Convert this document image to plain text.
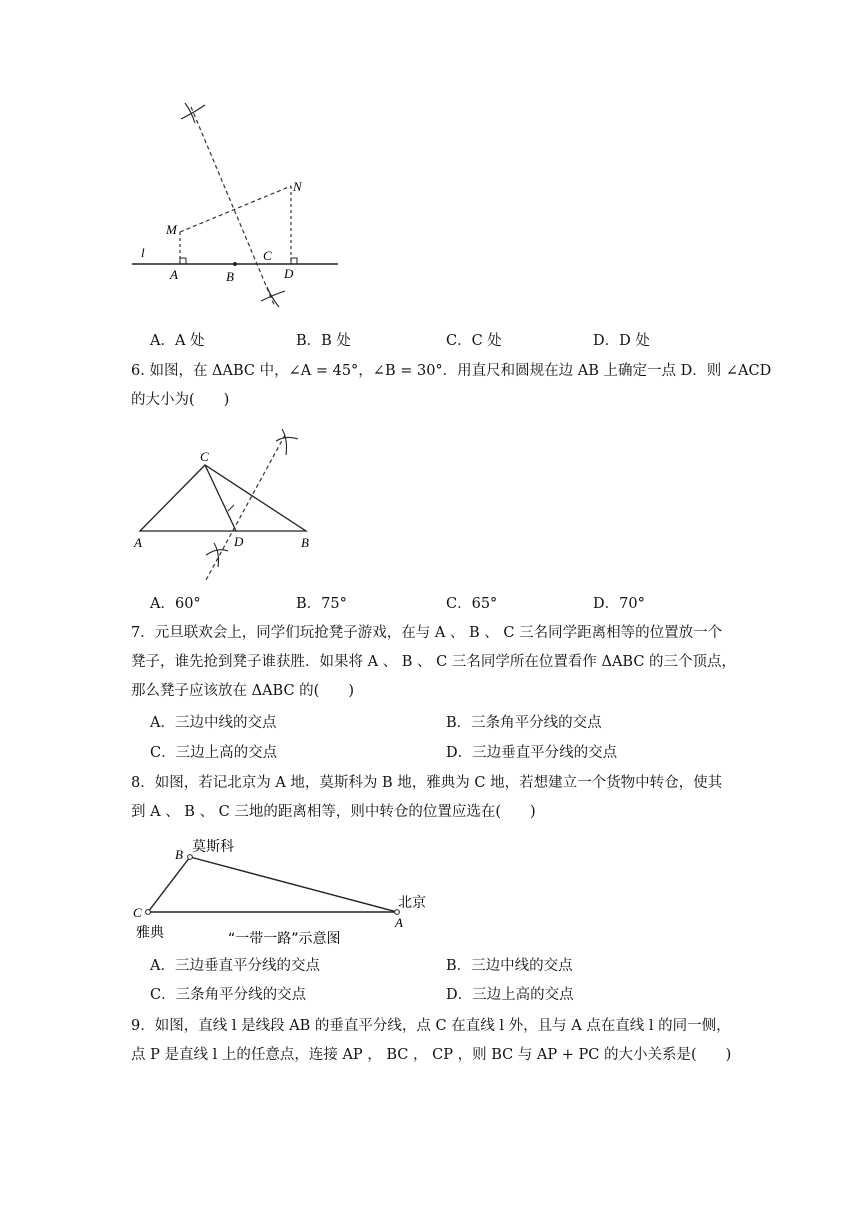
M
N
l
A	B
C
D
A．A 处	B．B 处	C．C 处	D．D 处
6. 如图，在 ΔABC 中，∠A = 45°，∠B = 30°．用直尺和圆规在边 AB 上确定一点 D．则 ∠ACD
的大小为(　　)
C
A	B
D
A．60°	B．75°	C．65°	D．70°
7．元旦联欢会上，同学们玩抢凳子游戏，在与 A 、 B 、 C 三名同学距离相等的位置放一个
凳子，谁先抢到凳子谁获胜．如果将 A 、 B 、 C 三名同学所在位置看作 ΔABC 的三个顶点，
那么凳子应该放在 ΔABC 的(　　)
A．三边中线的交点	B．三条角平分线的交点
C．三边上高的交点	D．三边垂直平分线的交点
8．如图，若记北京为 A 地，莫斯科为 B 地，雅典为 C 地，若想建立一个货物中转仓，使其
到 A 、 B 、 C 三地的距离相等，则中转仓的位置应选在(　　)
B 莫斯科
C
雅典
北京
A
“一带一路”示意图
A．三边垂直平分线的交点	B．三边中线的交点
C．三条角平分线的交点	D．三边上高的交点
9．如图，直线 l 是线段 AB 的垂直平分线，点 C 在直线 l 外，且与 A 点在直线 l 的同一侧，
点 P 是直线 l 上的任意点，连接 AP ， BC ， CP ，则 BC 与 AP + PC 的大小关系是(　　)
